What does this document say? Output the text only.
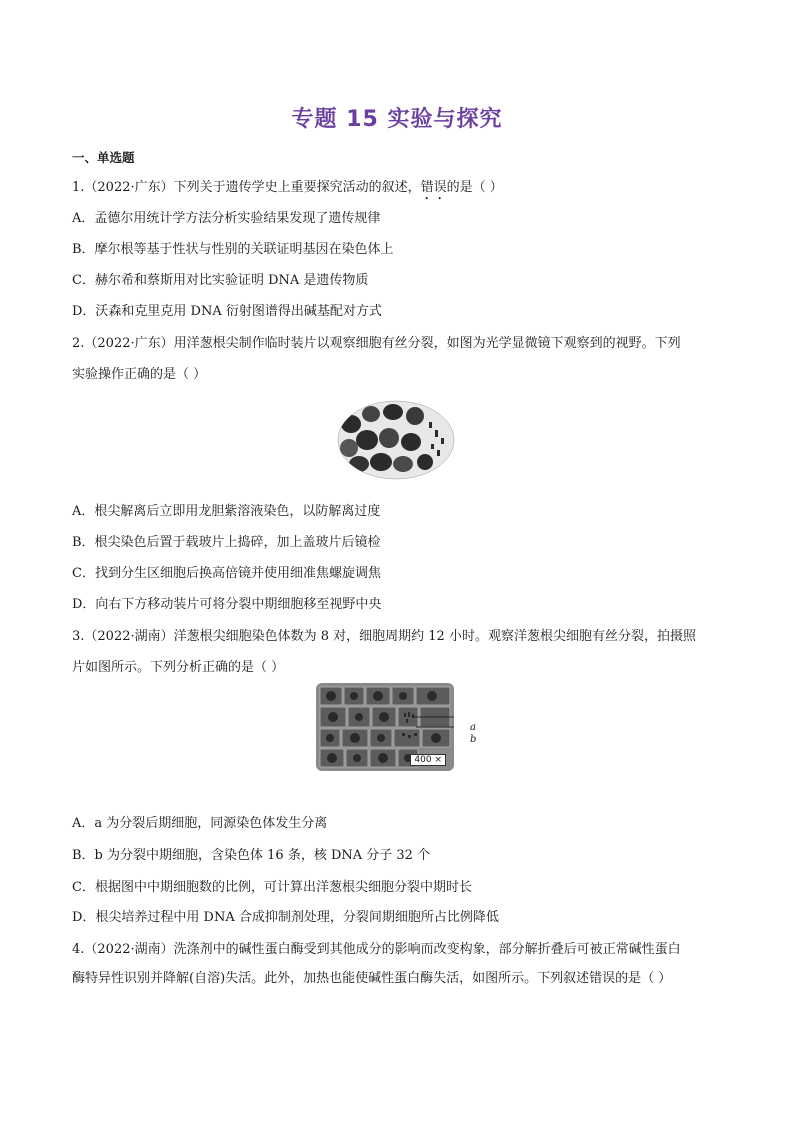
专题 15 实验与探究
一、单选题
1.（2022·广东）下列关于遗传学史上重要探究活动的叙述，错误的是（ ）
A．孟德尔用统计学方法分析实验结果发现了遗传规律
B．摩尔根等基于性状与性别的关联证明基因在染色体上
C．赫尔希和蔡斯用对比实验证明 DNA 是遗传物质
D．沃森和克里克用 DNA 衍射图谱得出碱基配对方式
2.（2022·广东）用洋葱根尖制作临时装片以观察细胞有丝分裂，如图为光学显微镜下观察到的视野。下列
实验操作正确的是（ ）
A．根尖解离后立即用龙胆紫溶液染色，以防解离过度
B．根尖染色后置于载玻片上捣碎，加上盖玻片后镜检
C．找到分生区细胞后换高倍镜并使用细准焦螺旋调焦
D．向右下方移动装片可将分裂中期细胞移至视野中央
3.（2022·湖南）洋葱根尖细胞染色体数为 8 对，细胞周期约 12 小时。观察洋葱根尖细胞有丝分裂，拍摄照
片如图所示。下列分析正确的是（ ）
400 ×
a
b
A．a 为分裂后期细胞，同源染色体发生分离
B．b 为分裂中期细胞，含染色体 16 条，核 DNA 分子 32 个
C．根据图中中期细胞数的比例，可计算出洋葱根尖细胞分裂中期时长
D．根尖培养过程中用 DNA 合成抑制剂处理，分裂间期细胞所占比例降低
4.（2022·湖南）洗涤剂中的碱性蛋白酶受到其他成分的影响而改变构象，部分解折叠后可被正常碱性蛋白
酶特异性识别并降解(自溶)失活。此外，加热也能使碱性蛋白酶失活，如图所示。下列叙述错误的是（ ）
